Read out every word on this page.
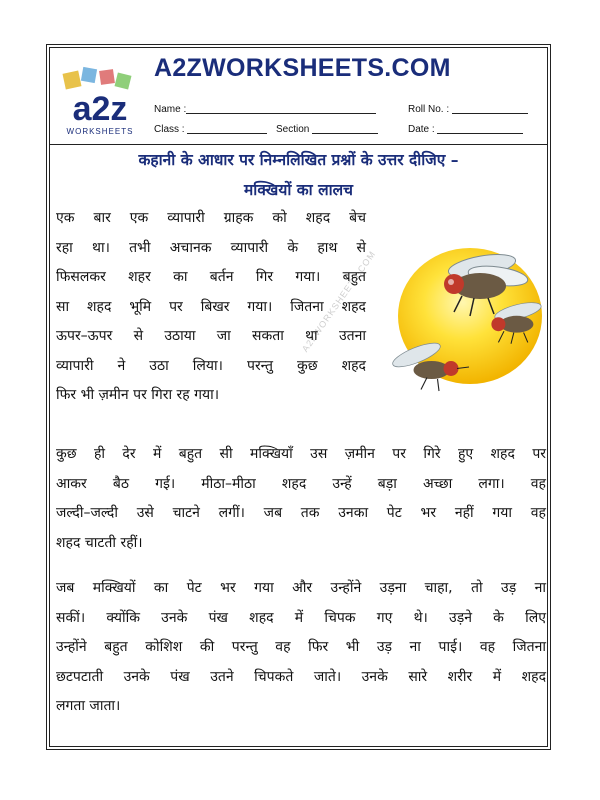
a2z
WORKSHEETS
A2ZWORKSHEETS.COM
Name :	Roll No. :
Class :	Section	Date :
कहानी के आधार पर निम्नलिखित प्रश्नों के उत्तर दीजिए –
मक्खियों का लालच
A2ZWORKSHEETS.COM
एक बार एक व्यापारी ग्राहक को शहद बेच
रहा था। तभी अचानक व्यापारी के हाथ से
फिसलकर शहर का बर्तन गिर गया। बहुत
सा शहद भूमि पर बिखर गया। जितना शहद
ऊपर–ऊपर से उठाया जा सकता था उतना
व्यापारी ने उठा लिया। परन्तु कुछ शहद
फिर भी ज़मीन पर गिरा रह गया।
कुछ ही देर में बहुत सी मक्खियाँ उस ज़मीन पर गिरे हुए शहद पर
आकर बैठ गई। मीठा–मीठा शहद उन्हें बड़ा अच्छा लगा। वह
जल्दी–जल्दी उसे चाटने लगीं। जब तक उनका पेट भर नहीं गया वह
शहद चाटती रहीं।
जब मक्खियों का पेट भर गया और उन्होंने उड़ना चाहा, तो उड़ ना
सकीं। क्योंकि उनके पंख शहद में चिपक गए थे। उड़ने के लिए
उन्होंने बहुत कोशिश की परन्तु वह फिर भी उड़ ना पाई। वह जितना
छटपटाती उनके पंख उतने चिपकते जाते। उनके सारे शरीर में शहद
लगता जाता।
